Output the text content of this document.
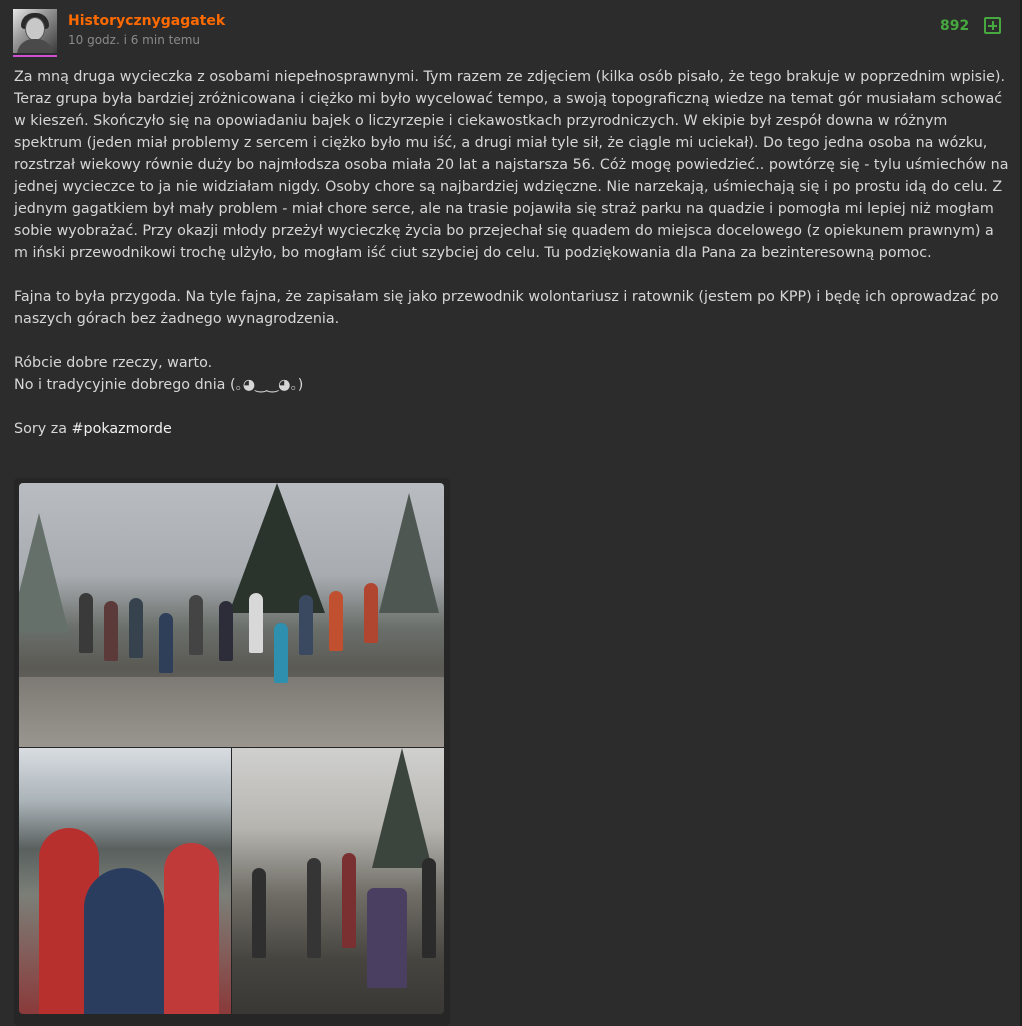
Historycznygagatek
10 godz. i 6 min temu
892

Za mną druga wycieczka z osobami niepełnosprawnymi. Tym razem ze zdjęciem (kilka osób pisało, że tego brakuje w poprzednim wpisie). Teraz grupa była bardziej zróżnicowana i ciężko mi było wycelować tempo, a swoją topograficzną wiedze na temat gór musiałam schować w kieszeń. Skończyło się na opowiadaniu bajek o liczyrzepie i ciekawostkach przyrodniczych. W ekipie był zespół downa w różnym spektrum (jeden miał problemy z sercem i ciężko było mu iść, a drugi miał tyle sił, że ciągle mi uciekał). Do tego jedna osoba na wózku, rozstrzał wiekowy równie duży bo najmłodsza osoba miała 20 lat a najstarsza 56. Cóż mogę powiedzieć.. powtórzę się - tylu uśmiechów na jednej wycieczce to ja nie widziałam nigdy. Osoby chore są najbardziej wdzięczne. Nie narzekają, uśmiechają się i po prostu idą do celu. Z jednym gagatkiem był mały problem - miał chore serce, ale na trasie pojawiła się straż parku na quadzie i pomogła mi lepiej niż mogłam sobie wyobrażać. Przy okazji młody przeżył wycieczkę życia bo przejechał się quadem do miejsca docelowego (z opiekunem prawnym) a m iński przewodnikowi trochę ulżyło, bo mogłam iść ciut szybciej do celu. Tu podziękowania dla Pana za bezinteresowną pomoc.

Fajna to była przygoda. Na tyle fajna, że zapisałam się jako przewodnik wolontariusz i ratownik (jestem po KPP) i będę ich oprowadzać po naszych górach bez żadnego wynagrodzenia.

Róbcie dobre rzeczy, warto.
No i tradycyjnie dobrego dnia (｡◕‿‿◕｡)

Sory za #pokazmorde
